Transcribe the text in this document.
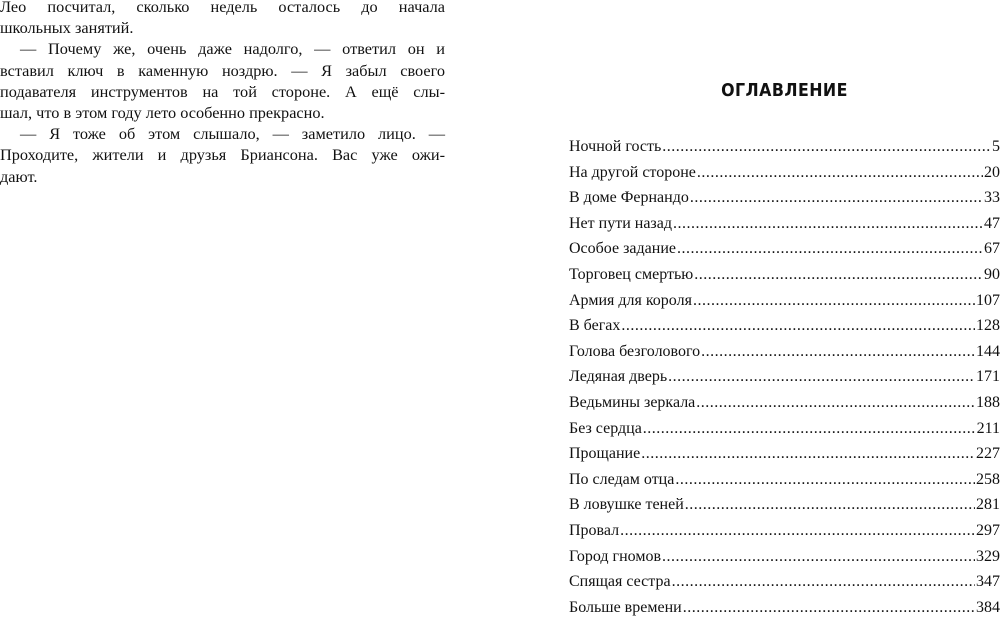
Лео посчитал, сколько недель осталось до начала

школьных занятий.

— Почему же, очень даже надолго, — ответил он и

вставил ключ в каменную ноздрю. — Я забыл своего

подавателя инструментов на той стороне. А ещё слы-

шал, что в этом году лето особенно прекрасно.

— Я тоже об этом слышало, — заметило лицо. —

Проходите, жители и друзья Бриансона. Вас уже ожи-

дают.

ОГЛАВЛЕНИЕ
Ночной гость .....	5
На другой стороне .....	20
В доме Фернандо .....	33
Нет пути назад .....	47
Особое задание .....	67
Торговец смертью .....	90
Армия для короля .....	107
В бегах .....	128
Голова безголового .....	144
Ледяная дверь .....	171
Ведьмины зеркала .....	188
Без сердца .....	211
Прощание .....	227
По следам отца .....	258
В ловушке теней .....	281
Провал .....	297
Город гномов .....	329
Спящая сестра .....	347
Больше времени .....	384
